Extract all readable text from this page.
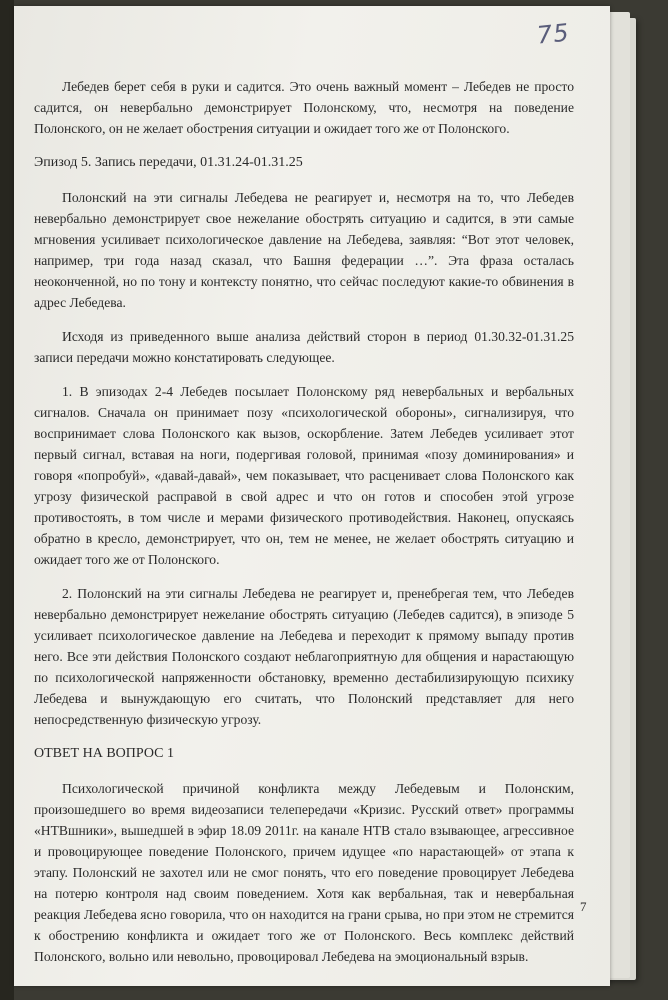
75

Лебедев берет себя в руки и садится. Это очень важный момент – Лебедев не просто садится, он невербально демонстрирует Полонскому, что, несмотря на поведение Полонского, он не желает обострения ситуации и ожидает того же от Полонского.

Эпизод 5. Запись передачи, 01.31.24-01.31.25

Полонский на эти сигналы Лебедева не реагирует и, несмотря на то, что Лебедев невербально демонстрирует свое нежелание обострять ситуацию и садится, в эти самые мгновения усиливает психологическое давление на Лебедева, заявляя: “Вот этот человек, например, три года назад сказал, что Башня федерации …”. Эта фраза осталась неоконченной, но по тону и контексту понятно, что сейчас последуют какие-то обвинения в адрес Лебедева.

Исходя из приведенного выше анализа действий сторон в период 01.30.32-01.31.25 записи передачи можно констатировать следующее.

1. В эпизодах 2-4 Лебедев посылает Полонскому ряд невербальных и вербальных сигналов. Сначала он принимает позу «психологической обороны», сигнализируя, что воспринимает слова Полонского как вызов, оскорбление. Затем Лебедев усиливает этот первый сигнал, вставая на ноги, подергивая головой, принимая «позу доминирования» и говоря «попробуй», «давай-давай», чем показывает, что расценивает слова Полонского как угрозу физической расправой в свой адрес и что он готов и способен этой угрозе противостоять, в том числе и мерами физического противодействия. Наконец, опускаясь обратно в кресло, демонстрирует, что он, тем не менее, не желает обострять ситуацию и ожидает того же от Полонского.
2. Полонский на эти сигналы Лебедева не реагирует и, пренебрегая тем, что Лебедев невербально демонстрирует нежелание обострять ситуацию (Лебедев садится), в эпизоде 5 усиливает психологическое давление на Лебедева и переходит к прямому выпаду против него. Все эти действия Полонского создают неблагоприятную для общения и нарастающую по психологической напряженности обстановку, временно дестабилизирующую психику Лебедева и вынуждающую его считать, что Полонский представляет для него непосредственную физическую угрозу.
ОТВЕТ НА ВОПРОС 1

Психологической причиной конфликта между Лебедевым и Полонским, произошедшего во время видеозаписи телепередачи «Кризис. Русский ответ» программы «НТВшники», вышедшей в эфир 18.09 2011г. на канале НТВ стало взывающее, агрессивное и провоцирующее поведение Полонского, причем идущее «по нарастающей» от этапа к этапу. Полонский не захотел или не смог понять, что его поведение провоцирует Лебедева на потерю контроля над своим поведением. Хотя как вербальная, так и невербальная реакция Лебедева ясно говорила, что он находится на грани срыва, но при этом не стремится к обострению конфликта и ожидает того же от Полонского. Весь комплекс действий Полонского, вольно или невольно, провоцировал Лебедева на эмоциональный взрыв.

7
